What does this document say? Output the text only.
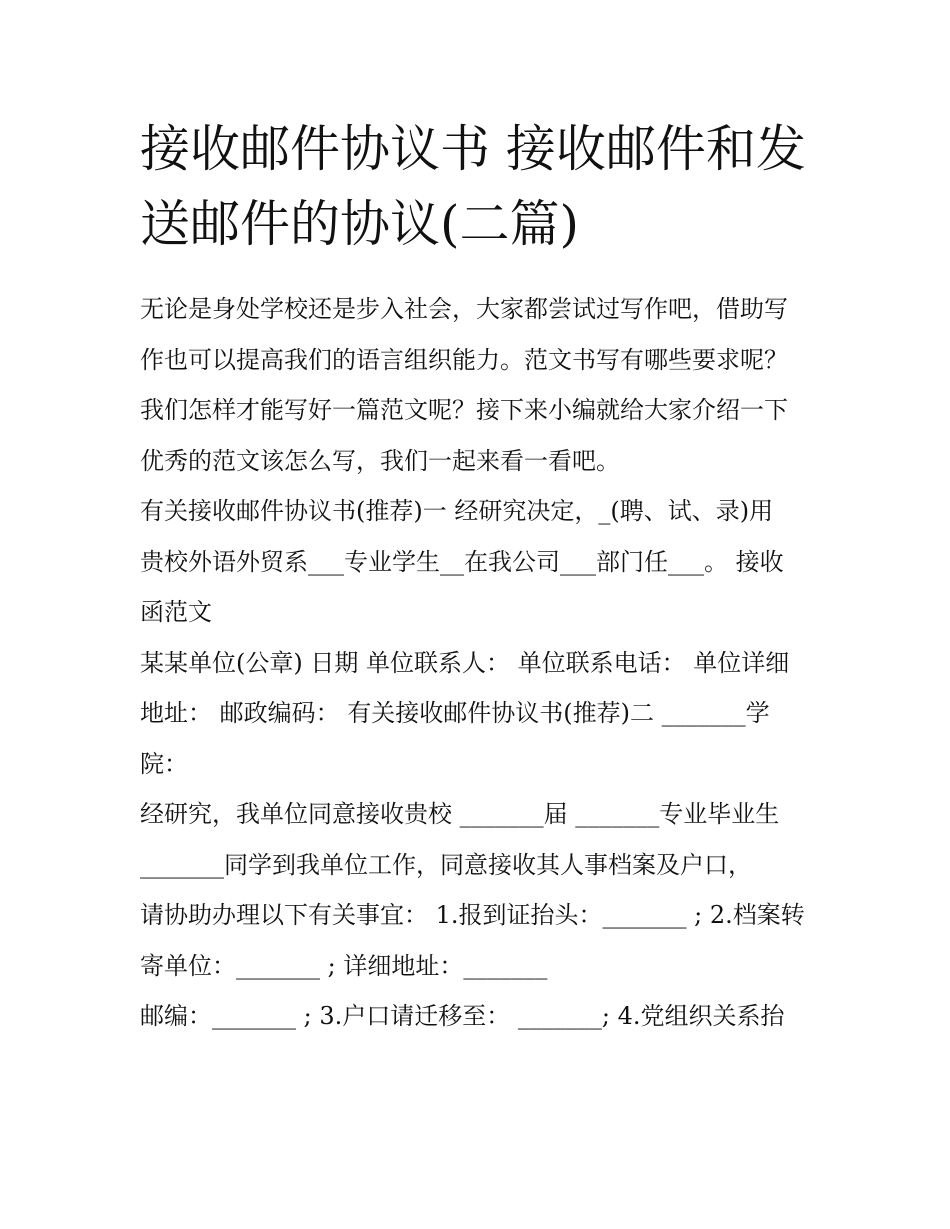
接收邮件协议书 接收邮件和发
送邮件的协议(二篇)
无论是身处学校还是步入社会，大家都尝试过写作吧，借助写
作也可以提高我们的语言组织能力。范文书写有哪些要求呢？
我们怎样才能写好一篇范文呢？接下来小编就给大家介绍一下
优秀的范文该怎么写，我们一起来看一看吧。
有关接收邮件协议书(推荐)一 经研究决定，_(聘、试、录)用
贵校外语外贸系___专业学生__在我公司___部门任___。 接收
函范文
某某单位(公章) 日期 单位联系人： 单位联系电话： 单位详细
地址： 邮政编码： 有关接收邮件协议书(推荐)二 _______学
院：
经研究，我单位同意接收贵校 _______届 _______专业毕业生
_______同学到我单位工作，同意接收其人事档案及户口，
请协助办理以下有关事宜： 1.报到证抬头：_______ ; 2.档案转
寄单位：_______ ; 详细地址：_______
邮编：_______ ; 3.户口请迁移至： _______; 4.党组织关系抬
